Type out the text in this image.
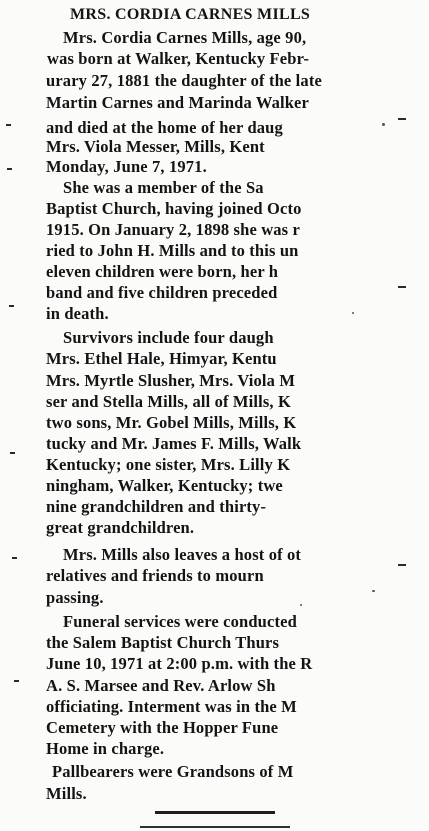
MRS. CORDIA CARNES MILLS
Mrs. Cordia Carnes Mills, age 90,
was born at Walker, Kentucky Febr-
urary 27, 1881 the daughter of the late
Martin Carnes and Marinda Walker
and died at the home of her daug
Mrs. Viola Messer, Mills, Kent
Monday, June 7, 1971.
She was a member of the Sa
Baptist Church, having joined Octo
1915. On January 2, 1898 she was r
ried to John H. Mills and to this un
eleven children were born, her h
band and five children preceded
in death.
Survivors include four daugh
Mrs. Ethel Hale, Himyar, Kentu
Mrs. Myrtle Slusher, Mrs. Viola M
ser and Stella Mills, all of Mills, K
two sons, Mr. Gobel Mills, Mills, K
tucky and Mr. James F. Mills, Walk
Kentucky; one sister, Mrs. Lilly K
ningham, Walker, Kentucky; twe
nine grandchildren and thirty-
great grandchildren.
Mrs. Mills also leaves a host of ot
relatives and friends to mourn
passing.
Funeral services were conducted
the Salem Baptist Church Thurs
June 10, 1971 at 2:00 p.m. with the R
A. S. Marsee and Rev. Arlow Sh
officiating. Interment was in the M
Cemetery with the Hopper Fune
Home in charge.
Pallbearers were Grandsons of M
Mills.
